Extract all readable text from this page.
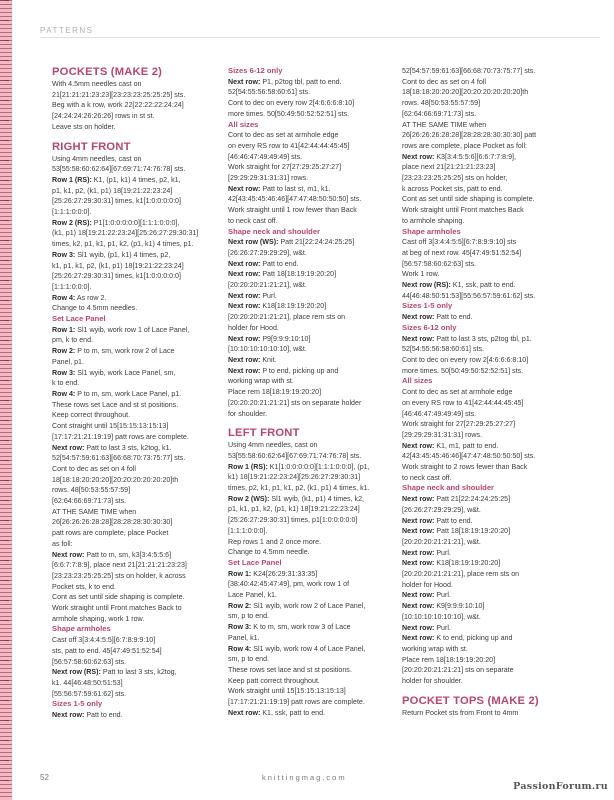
PATTERNS
POCKETS (MAKE 2)

With 4.5mm needles cast on

21[21:21:21:23:23][23:23:23:25:25:25] sts.

Beg with a k row, work 22[22:22:22:24:24]

[24:24:24:26:26:26] rows in st st.

Leave sts on holder.

RIGHT FRONT

Using 4mm needles, cast on

53[55:58:60:62:64][67:69:71:74:76:78] sts.

Row 1 (RS): K1, (p1, k1) 4 times, p2, k1,

p1, k1, p2, (k1, p1) 18[19:21:22:23:24]

[25:26:27:29:30:31] times, k1[1:0:0:0:0:0]

[1:1:1:0:0:0].

Row 2 (RS): P1[1:0:0:0:0:0][1:1:1:0:0:0],

(k1, p1) 18[19:21:22:23:24][25:26:27:29:30:31]

times, k2, p1, k1, p1, k2, (p1, k1) 4 times, p1.

Row 3: Sl1 wyib, (p1, k1) 4 times, p2,

k1, p1, k1, p2, (k1, p1) 18[19:21:22:23:24]

[25:26:27:29:30:31] times, k1[1:0:0:0:0:0]

[1:1:1:0:0:0].

Row 4: As row 2.

Change to 4.5mm needles.

Set Lace Panel

Row 1: Sl1 wyib, work row 1 of Lace Panel,

pm, k to end.

Row 2: P to m, sm, work row 2 of Lace

Panel, p1.

Row 3: Sl1 wyib, work Lace Panel, sm,

k to end.

Row 4: P to m, sm, work Lace Panel, p1.

These rows set Lace and st st positions.

Keep correct throughout.

Cont straight until 15[15:15:13:15:13]

[17:17:21:21:19:19] patt rows are complete.

Next row: Patt to last 3 sts, k2tog, k1.

52[54:57:59:61:63][66:68:70:73:75:77] sts.

Cont to dec as set on 4 foll

18[18:18:20:20:20][20:20:20:20:20:20]th

rows. 48[50:53:55:57:59]

[62:64:66:69:71:73] sts.

AT THE SAME TIME when

26[26:26:26:28:28][28:28:28:30:30:30]

patt rows are complete, place Pocket

as foll:

Next row: Patt to m, sm, k3[3:4:5:5:6]

[6:6:7:7:8:9], place next 21[21:21:21:23:23]

[23:23:23:25:25:25] sts on holder, k across

Pocket sts, k to end.

Cont as set until side shaping is complete.

Work straight until Front matches Back to

armhole shaping, work 1 row.

Shape armholes

Cast off 3[3:4:4:5:5][6:7:8:9:9:10]

sts, patt to end. 45[47:49:51:52:54]

[56:57:58:60:62:63] sts.

Next row (RS): Patt to last 3 sts, k2tog,

k1. 44[46:48:50:51:53]

[55:56:57:59:61:62] sts.

Sizes 1-5 only

Next row: Patt to end.

Sizes 6-12 only

Next row: P1, p2tog tbl, patt to end.

52[54:55:56:58:60:61] sts.

Cont to dec on every row 2[4:6:6:6:8:10]

more times. 50[50:49:50:52:52:51] sts.

All sizes

Cont to dec as set at armhole edge

on every RS row to 41[42:44:44:45:45]

[46:46:47:49:49:49] sts.

Work straight for 27[27:29:25:27:27]

[29:29:29:31:31:31] rows.

Next row: Patt to last st, m1, k1.

42[43:45:45:46:46][47:47:48:50:50:50] sts.

Work straight until 1 row fewer than Back

to neck cast off.

Shape neck and shoulder

Next row (WS): Patt 21[22:24:24:25:25]

[26:26:27:29:29:29], w&t.

Next row: Patt to end.

Next row: Patt 18[18:19:19:20:20]

[20:20:20:21:21:21], w&t.

Next row: Purl.

Next row: K18[18:19:19:20:20]

[20:20:20:21:21:21], place rem sts on

holder for Hood.

Next row: P9[9:9:9:10:10]

[10:10:10:10:10:10], w&t.

Next row: Knit.

Next row: P to end, picking up and

working wrap with st.

Place rem 18[18:19:19:20:20]

[20:20:20:21:21:21] sts on separate holder

for shoulder.

LEFT FRONT

Using 4mm needles, cast on

53[55:58:60:62:64][67:69:71:74:76:78] sts.

Row 1 (RS): K1[1:0:0:0:0:0][1:1:1:0:0:0], (p1,

k1) 18[19:21:22:23:24][25:26:27:29:30:31]

times, p2, k1, p1, k1, p2, (k1, p1) 4 times, k1.

Row 2 (WS): Sl1 wyib, (k1, p1) 4 times, k2,

p1, k1, p1, k2, (p1, k1) 18[19:21:22:23:24]

[25:26:27:29:30:31] times, p1[1:0:0:0:0:0]

[1:1:1:0:0:0].

Rep rows 1 and 2 once more.

Change to 4.5mm needle.

Set Lace Panel

Row 1: K24[26:29:31:33:35]

[38:40:42:45:47:49], pm, work row 1 of

Lace Panel, k1.

Row 2: Sl1 wyib, work row 2 of Lace Panel,

sm, p to end.

Row 3: K to m, sm, work row 3 of Lace

Panel, k1.

Row 4: Sl1 wyib, work row 4 of Lace Panel,

sm, p to end.

These rows set lace and st st positions.

Keep patt correct throughout.

Work straight until 15[15:15:13:15:13]

[17:17:21:21:19:19] patt rows are complete.

Next row: K1, ssk, patt to end.

52[54:57:59:61:63][66:68:70:73:75:77] sts.

Cont to dec as set on 4 foll

18[18:18:20:20:20][20:20:20:20:20:20]th

rows. 48[50:53:55:57:59]

[62:64:66:69:71:73] sts.

AT THE SAME TIME when

26[26:26:26:28:28][28:28:28:30:30:30] patt

rows are complete, place Pocket as foll:

Next row: K3[3:4:5:5:6][6:6:7:7:8:9],

place next 21[21:21:21:23:23]

[23:23:23:25:25:25] sts on holder,

k across Pocket sts, patt to end.

Cont as set until side shaping is complete.

Work straight until Front matches Back

to armhole shaping.

Shape armholes

Cast off 3[3:4:4:5:5][6:7:8:9:9:10] sts

at beg of next row. 45[47:49:51:52:54]

[56:57:58:60:62:63] sts.

Work 1 row.

Next row (RS): K1, ssk, patt to end.

44[46:48:50:51:53][55:56:57:59:61:62] sts.

Sizes 1-5 only

Next row: Patt to end.

Sizes 6-12 only

Next row: Patt to last 3 sts, p2tog tbl, p1.

52[54:55:56:58:60:61] sts.

Cont to dec on every row 2[4:6:6:6:8:10]

more times. 50[50:49:50:52:52:51] sts.

All sizes

Cont to dec as set at armhole edge

on every RS row to 41[42:44:44:45:45]

[46:46:47:49:49:49] sts.

Work straight for 27[27:29:25:27:27]

[29:29:29:31:31:31] rows.

Next row: K1, m1, patt to end.

42[43:45:45:46:46][47:47:48:50:50:50] sts.

Work straight to 2 rows fewer than Back

to neck cast off.

Shape neck and shoulder

Next row: Patt 21[22:24:24:25:25]

[26:26:27:29:29:29], w&t.

Next row: Patt to end.

Next row: Patt 18[18:19:19:20:20]

[20:20:20:21:21:21], w&t.

Next row: Purl.

Next row: K18[18:19:19:20:20]

[20:20:20:21:21:21], place rem sts on

holder for Hood.

Next row: Purl.

Next row: K9[9:9:9:10:10]

[10:10:10:10:10:10], w&t.

Next row: Purl.

Next row: K to end, picking up and

working wrap with st.

Place rem 18[18:19:19:20:20]

[20:20:20:21:21:21] sts on separate

holder for shoulder.

POCKET TOPS (MAKE 2)

Return Pocket sts from Front to 4mm

52	knittingmag.com
PassionForum.ru
